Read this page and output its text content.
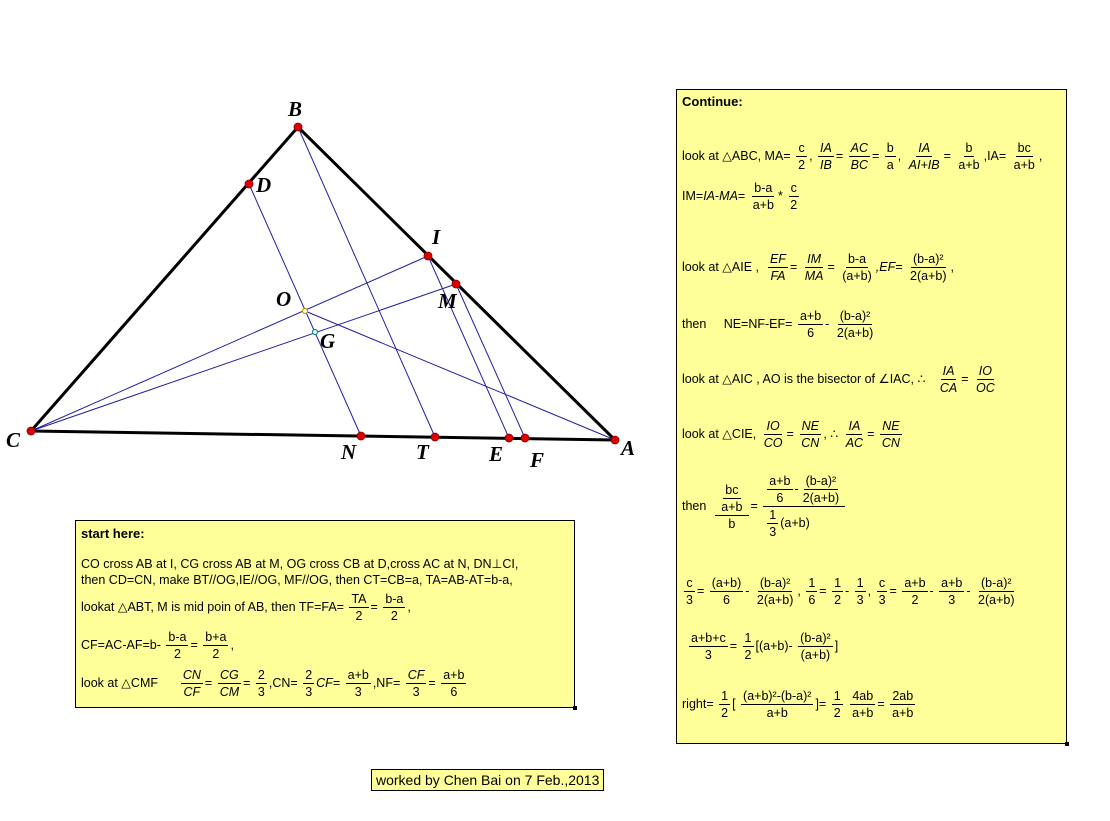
B
D
I
M
O
G
C	N	T	E F	A
start here:
CO cross AB at I, CG cross AB at M, OG cross CB at D,cross AC at N, DN⊥CI,
then CD=CN, make BT//OG,IE//OG, MF//OG, then CT=CB=a, TA=AB-AT=b-a,
lookat △ABT, M is mid poin of AB, then $TF=FA= \frac{TA}{2} = \frac{b-a}{2}$ ,
$CF=AC-AF=b- \frac{b-a}{2} = \frac{b+a}{2}$ ,
look at △CMF $\frac{CN}{CF} = \frac{CG}{CM} = \frac{2}{3} ,CN= \frac{2}{3} CF= \frac{a+b}{3} ,NF= \frac{CF}{3} = \frac{a+b}{6}$
Continue:
look at △ABC, $MA= \frac{c}{2}$ , $\frac{IA}{IB} = \frac{AC}{BC} = \frac{b}{a}$ , $\frac{IA}{AI+IB} = \frac{b}{a+b} ,IA= \frac{bc}{a+b}$ ,
$IM=IA-MA= \frac{b-a}{a+b} * \frac{c}{2}$
look at △AIE , $\frac{EF}{FA} = \frac{IM}{MA} = \frac{b-a}{(a+b)} ,EF= \frac{\text{(b-a)²}}{2(a+b)}$ ,
then     $NE=NF-EF= \frac{a+b}{6} - \frac{\text{(b-a)²}}{2(a+b)}$
look at △AIC , AO is the bisector of ∠IAC, ∴ $\frac{IA}{CA} = \frac{IO}{OC}$
look at △CIE, $\frac{IO}{CO} = \frac{NE}{CN}$ , ∴ $\frac{IA}{AC} = \frac{NE}{CN}$
then $\frac{\frac{bc}{a+b}}{b} = \frac{\frac{a+b}{6} - \frac{\text{(b-a)²}}{2(a+b)}}{\frac{1}{3} (a+b)}$
$\frac{c}{3} = \frac{(a+b)}{6} - \frac{\text{(b-a)²}}{2(a+b)}$ , $\frac{1}{6} = \frac{1}{2} - \frac{1}{3}$ , $\frac{c}{3} = \frac{a+b}{2} - \frac{a+b}{3} - \frac{\text{(b-a)²}}{2(a+b)}$
$\frac{a+b+c}{3} = \frac{1}{2} [(a+b)- \frac{\text{(b-a)²}}{(a+b)}$ ]
right= $\frac{1}{2}$ [ $\frac{\text{(a+b)²-(b-a)²}}{a+b}$ ]= $\frac{1}{2}$
$\frac{4ab}{a+b} = \frac{2ab}{a+b}$
worked by Chen Bai on 7 Feb.,2013
